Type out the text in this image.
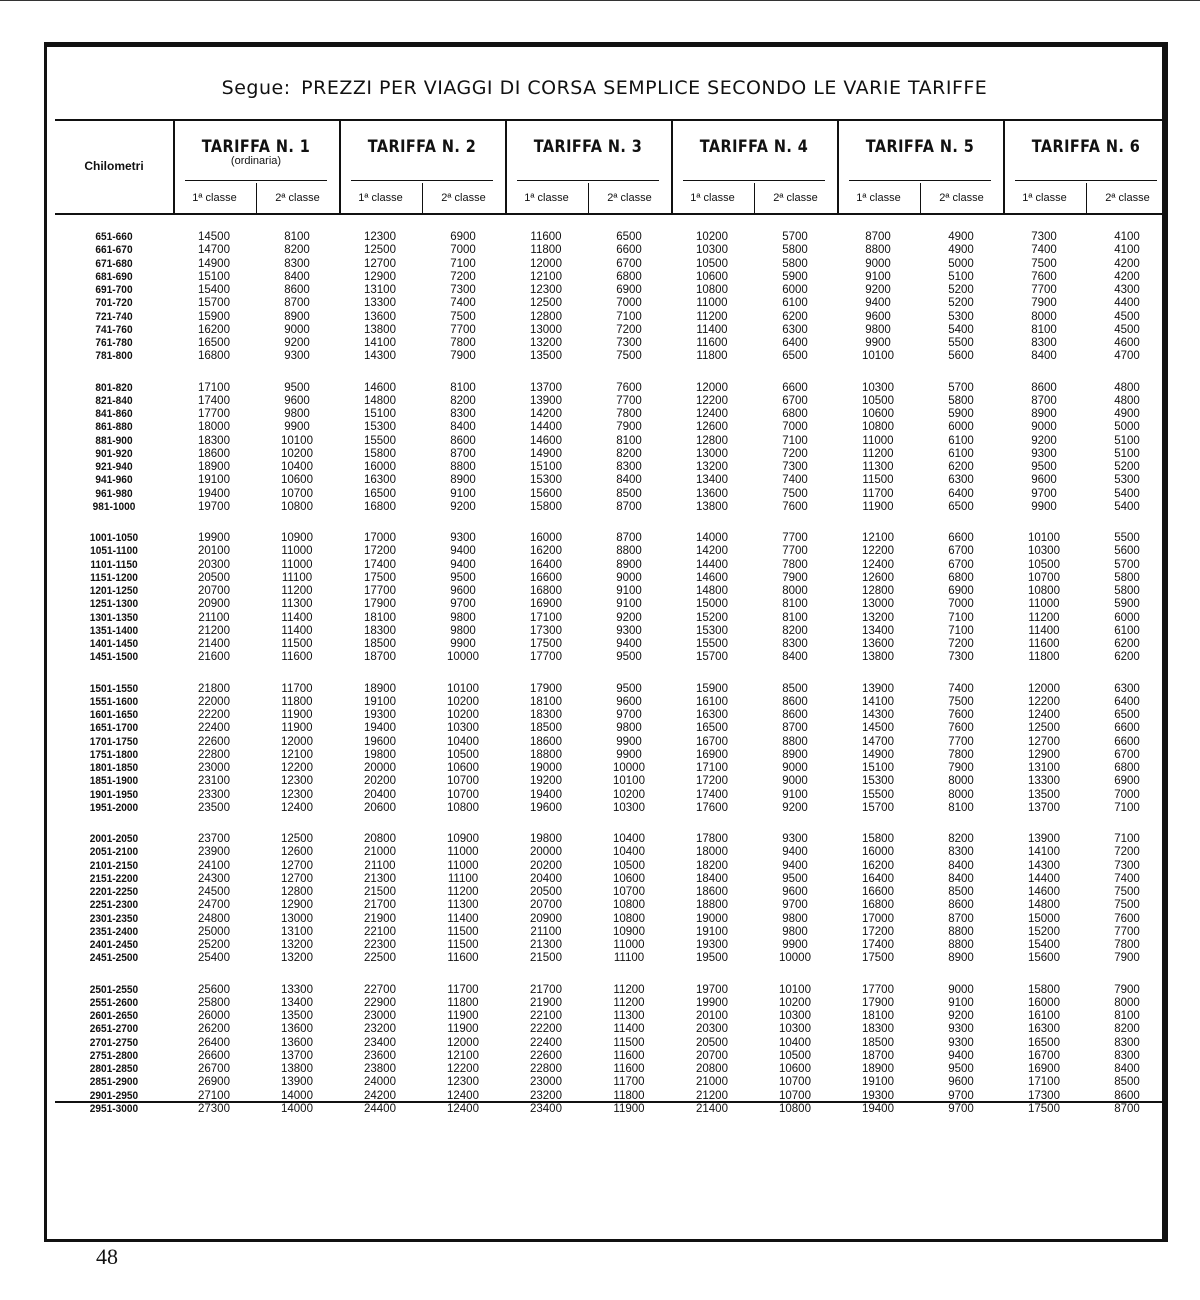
Segue: PREZZI PER VIAGGI DI CORSA SEMPLICE SECONDO LE VARIE TARIFFE
Chilometri
TARIFFA N. 1
(ordinaria)
1ª classe	2ª classe
TARIFFA N. 2
1ª classe	2ª classe
TARIFFA N. 3
1ª classe	2ª classe
TARIFFA N. 4
1ª classe	2ª classe
TARIFFA N. 5
1ª classe	2ª classe
TARIFFA N. 6
1ª classe	2ª classe
651-660	14500	8100	12300	6900	11600	6500	10200	5700	8700	4900	7300	4100
661-670	14700	8200	12500	7000	11800	6600	10300	5800	8800	4900	7400	4100
671-680	14900	8300	12700	7100	12000	6700	10500	5800	9000	5000	7500	4200
681-690	15100	8400	12900	7200	12100	6800	10600	5900	9100	5100	7600	4200
691-700	15400	8600	13100	7300	12300	6900	10800	6000	9200	5200	7700	4300
701-720	15700	8700	13300	7400	12500	7000	11000	6100	9400	5200	7900	4400
721-740	15900	8900	13600	7500	12800	7100	11200	6200	9600	5300	8000	4500
741-760	16200	9000	13800	7700	13000	7200	11400	6300	9800	5400	8100	4500
761-780	16500	9200	14100	7800	13200	7300	11600	6400	9900	5500	8300	4600
781-800	16800	9300	14300	7900	13500	7500	11800	6500	10100	5600	8400	4700
801-820	17100	9500	14600	8100	13700	7600	12000	6600	10300	5700	8600	4800
821-840	17400	9600	14800	8200	13900	7700	12200	6700	10500	5800	8700	4800
841-860	17700	9800	15100	8300	14200	7800	12400	6800	10600	5900	8900	4900
861-880	18000	9900	15300	8400	14400	7900	12600	7000	10800	6000	9000	5000
881-900	18300	10100	15500	8600	14600	8100	12800	7100	11000	6100	9200	5100
901-920	18600	10200	15800	8700	14900	8200	13000	7200	11200	6100	9300	5100
921-940	18900	10400	16000	8800	15100	8300	13200	7300	11300	6200	9500	5200
941-960	19100	10600	16300	8900	15300	8400	13400	7400	11500	6300	9600	5300
961-980	19400	10700	16500	9100	15600	8500	13600	7500	11700	6400	9700	5400
981-1000	19700	10800	16800	9200	15800	8700	13800	7600	11900	6500	9900	5400
1001-1050	19900	10900	17000	9300	16000	8700	14000	7700	12100	6600	10100	5500
1051-1100	20100	11000	17200	9400	16200	8800	14200	7700	12200	6700	10300	5600
1101-1150	20300	11000	17400	9400	16400	8900	14400	7800	12400	6700	10500	5700
1151-1200	20500	11100	17500	9500	16600	9000	14600	7900	12600	6800	10700	5800
1201-1250	20700	11200	17700	9600	16800	9100	14800	8000	12800	6900	10800	5800
1251-1300	20900	11300	17900	9700	16900	9100	15000	8100	13000	7000	11000	5900
1301-1350	21100	11400	18100	9800	17100	9200	15200	8100	13200	7100	11200	6000
1351-1400	21200	11400	18300	9800	17300	9300	15300	8200	13400	7100	11400	6100
1401-1450	21400	11500	18500	9900	17500	9400	15500	8300	13600	7200	11600	6200
1451-1500	21600	11600	18700	10000	17700	9500	15700	8400	13800	7300	11800	6200
1501-1550	21800	11700	18900	10100	17900	9500	15900	8500	13900	7400	12000	6300
1551-1600	22000	11800	19100	10200	18100	9600	16100	8600	14100	7500	12200	6400
1601-1650	22200	11900	19300	10200	18300	9700	16300	8600	14300	7600	12400	6500
1651-1700	22400	11900	19400	10300	18500	9800	16500	8700	14500	7600	12500	6600
1701-1750	22600	12000	19600	10400	18600	9900	16700	8800	14700	7700	12700	6600
1751-1800	22800	12100	19800	10500	18800	9900	16900	8900	14900	7800	12900	6700
1801-1850	23000	12200	20000	10600	19000	10000	17100	9000	15100	7900	13100	6800
1851-1900	23100	12300	20200	10700	19200	10100	17200	9000	15300	8000	13300	6900
1901-1950	23300	12300	20400	10700	19400	10200	17400	9100	15500	8000	13500	7000
1951-2000	23500	12400	20600	10800	19600	10300	17600	9200	15700	8100	13700	7100
2001-2050	23700	12500	20800	10900	19800	10400	17800	9300	15800	8200	13900	7100
2051-2100	23900	12600	21000	11000	20000	10400	18000	9400	16000	8300	14100	7200
2101-2150	24100	12700	21100	11000	20200	10500	18200	9400	16200	8400	14300	7300
2151-2200	24300	12700	21300	11100	20400	10600	18400	9500	16400	8400	14400	7400
2201-2250	24500	12800	21500	11200	20500	10700	18600	9600	16600	8500	14600	7500
2251-2300	24700	12900	21700	11300	20700	10800	18800	9700	16800	8600	14800	7500
2301-2350	24800	13000	21900	11400	20900	10800	19000	9800	17000	8700	15000	7600
2351-2400	25000	13100	22100	11500	21100	10900	19100	9800	17200	8800	15200	7700
2401-2450	25200	13200	22300	11500	21300	11000	19300	9900	17400	8800	15400	7800
2451-2500	25400	13200	22500	11600	21500	11100	19500	10000	17500	8900	15600	7900
2501-2550	25600	13300	22700	11700	21700	11200	19700	10100	17700	9000	15800	7900
2551-2600	25800	13400	22900	11800	21900	11200	19900	10200	17900	9100	16000	8000
2601-2650	26000	13500	23000	11900	22100	11300	20100	10300	18100	9200	16100	8100
2651-2700	26200	13600	23200	11900	22200	11400	20300	10300	18300	9300	16300	8200
2701-2750	26400	13600	23400	12000	22400	11500	20500	10400	18500	9300	16500	8300
2751-2800	26600	13700	23600	12100	22600	11600	20700	10500	18700	9400	16700	8300
2801-2850	26700	13800	23800	12200	22800	11600	20800	10600	18900	9500	16900	8400
2851-2900	26900	13900	24000	12300	23000	11700	21000	10700	19100	9600	17100	8500
2901-2950	27100	14000	24200	12400	23200	11800	21200	10700	19300	9700	17300	8600
2951-3000	27300	14000	24400	12400	23400	11900	21400	10800	19400	9700	17500	8700
48
